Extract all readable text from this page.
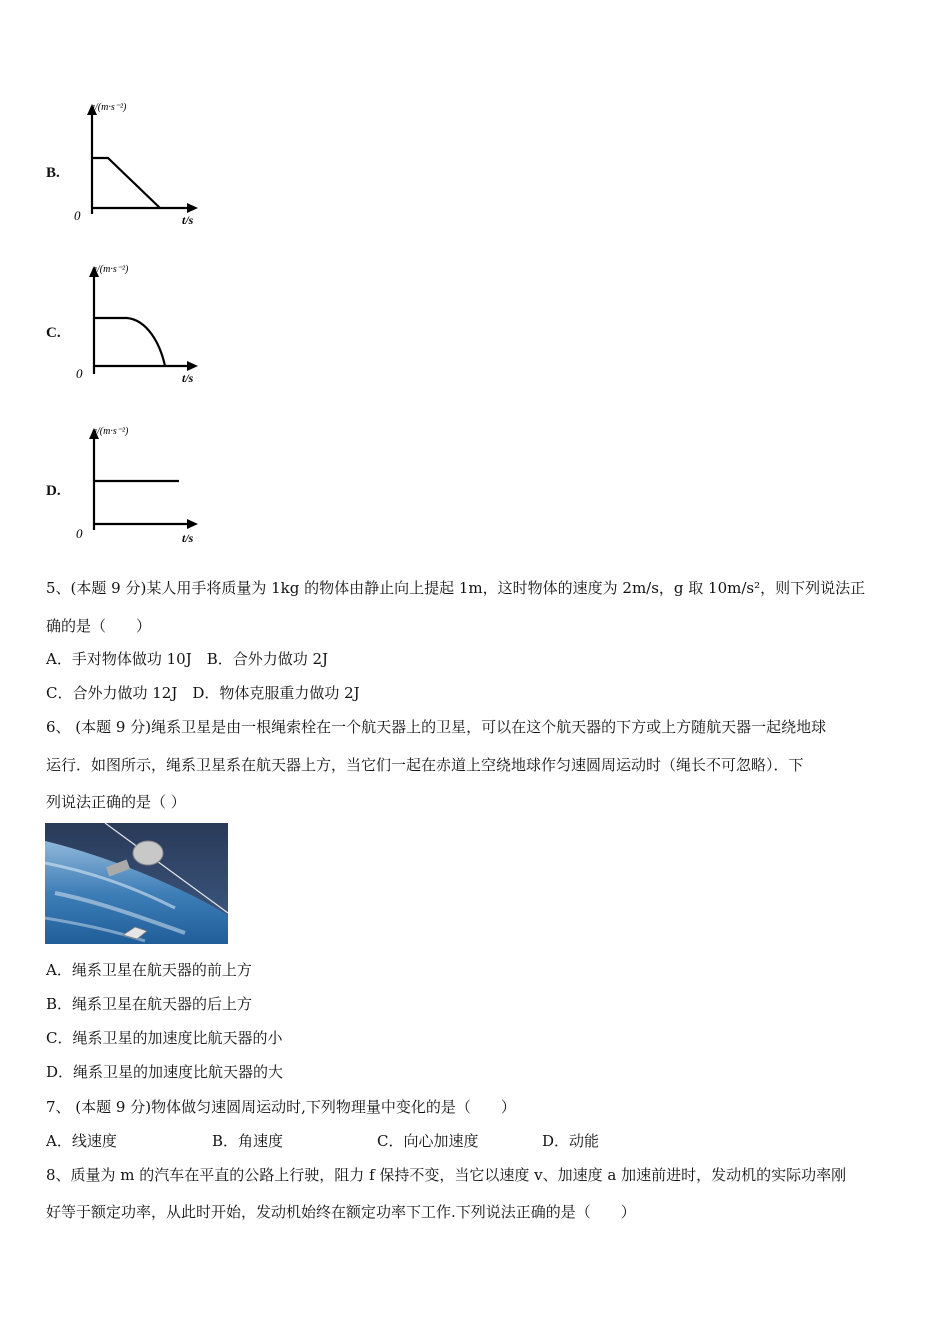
B.
a/(m·s⁻²)
0	t/s
C.
a/(m·s⁻²)
0	t/s
D.
a/(m·s⁻²)
0	t/s
5、(本题 9 分)某人用手将质量为 1kg 的物体由静止向上提起 1m，这时物体的速度为 2m/s，g 取 10m/s²，则下列说法正
确的是（　　）
A．手对物体做功 10J　B．合外力做功 2J
C．合外力做功 12J　D．物体克服重力做功 2J
6、 (本题 9 分)绳系卫星是由一根绳索栓在一个航天器上的卫星，可以在这个航天器的下方或上方随航天器一起绕地球
运行．如图所示，绳系卫星系在航天器上方，当它们一起在赤道上空绕地球作匀速圆周运动时（绳长不可忽略）．下
列说法正确的是（ ）
A．绳系卫星在航天器的前上方
B．绳系卫星在航天器的后上方
C．绳系卫星的加速度比航天器的小
D．绳系卫星的加速度比航天器的大
7、 (本题 9 分)物体做匀速圆周运动时,下列物理量中变化的是（　　）
A．线速度	B．角速度	C．向心加速度	D．动能
8、质量为 m 的汽车在平直的公路上行驶，阻力 f 保持不变，当它以速度 v、加速度 a 加速前进时，发动机的实际功率刚
好等于额定功率，从此时开始，发动机始终在额定功率下工作.下列说法正确的是（　　）
